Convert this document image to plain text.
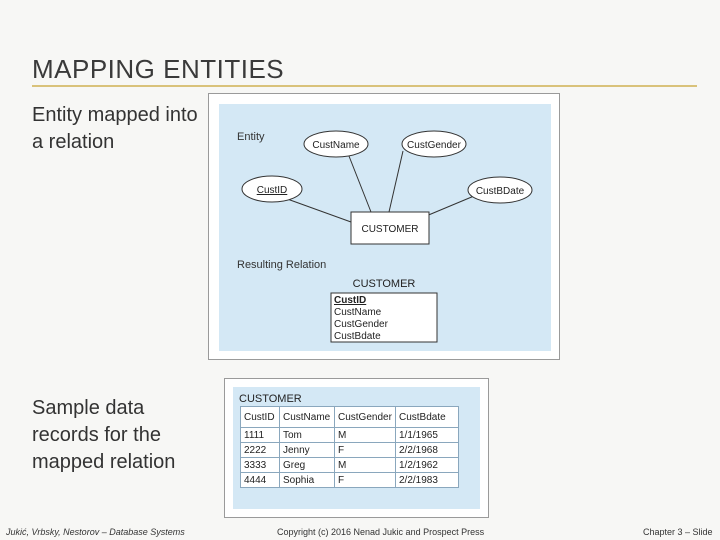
MAPPING ENTITIES
Entity mapped into a relation
Sample data records for the mapped relation
Entity
CustName	CustGender
CustID	CustBDate
CUSTOMER
Resulting Relation
CUSTOMER
CustID
CustName
CustGender
CustBdate
CUSTOMER
CustID	CustName	CustGender	CustBdate
1111	Tom	M	1/1/1965
2222	Jenny	F	2/2/1968
3333	Greg	M	1/2/1962
4444	Sophia	F	2/2/1983
Jukić, Vrbsky, Nestorov – Database Systems	Copyright (c) 2016 Nenad Jukic and Prospect Press	Chapter 3 – Slide
